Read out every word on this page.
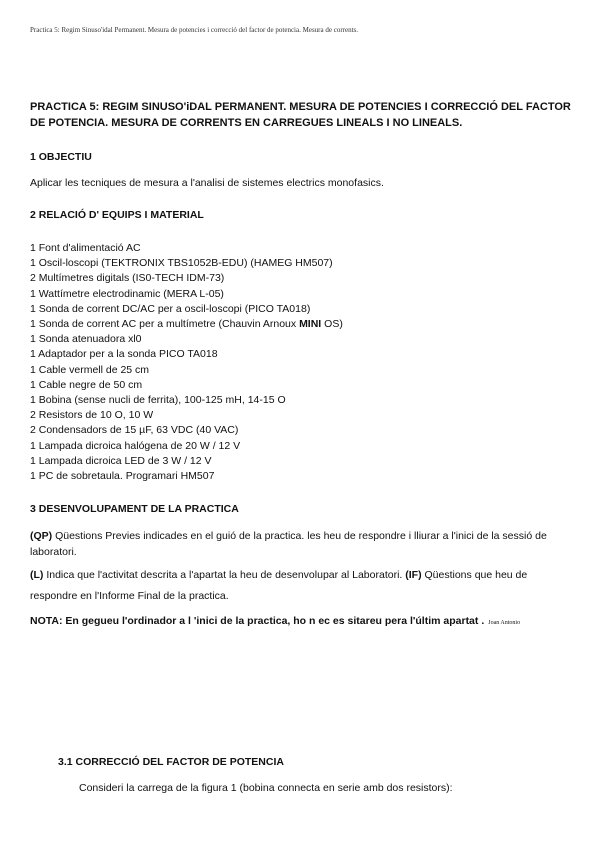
Practica 5: Regim Sinuso'idal Permanent. Mesura de potencies i correcció del factor de potencia. Mesura de corrents.
PRACTICA 5: REGIM SINUSO'iDAL PERMANENT. MESURA DE POTENCIES I CORRECCIÓ DEL FACTOR DE POTENCIA. MESURA DE CORRENTS EN CARREGUES LINEALS I NO LINEALS.
1 OBJECTIU

Aplicar les tecniques de mesura a l'analisi de sistemes electrics monofasics.

2 RELACIÓ D' EQUIPS I MATERIAL
1 Font d'alimentació AC
1 Oscil-loscopi (TEKTRONIX TBS1052B-EDU) (HAMEG HM507)
2 Multímetres digitals (IS0-TECH IDM-73)
1 Wattímetre electrodinamic (MERA L-05)
1 Sonda de corrent DC/AC per a oscil-loscopi (PICO TA018)
1 Sonda de corrent AC per a multímetre (Chauvin Arnoux MINI OS)
1 Sonda atenuadora xl0
1 Adaptador per a la sonda PICO TA018
1 Cable vermell de 25 cm
1 Cable negre de 50 cm
1 Bobina (sense nucli de ferrita), 100-125 mH, 14-15 O
2 Resistors de 10 O, 10 W
2 Condensadors de 15 µF, 63 VDC (40 VAC)
1 Lampada dicroica halógena de 20 W / 12 V
1 Lampada dicroica LED de 3 W / 12 V
1 PC de sobretaula. Programari HM507
3 DESENVOLUPAMENT DE LA PRACTICA

(QP) Qüestions Previes indicades en el guió de la practica. les heu de respondre i lliurar a l'inici de la sessió de laboratori.

(L) Indica que l'activitat descrita a l'apartat la heu de desenvolupar al Laboratori. (IF) Qüestions que heu de respondre en l'Informe Final de la practica.

NOTA: En gegueu l'ordinador a l 'inici de la practica, ho n ec es sitareu pera l'últim apartat . Joan Antonio

3.1 CORRECCIÓ DEL FACTOR DE POTENCIA

Consideri la carrega de la figura 1 (bobina connecta en serie amb dos resistors):
